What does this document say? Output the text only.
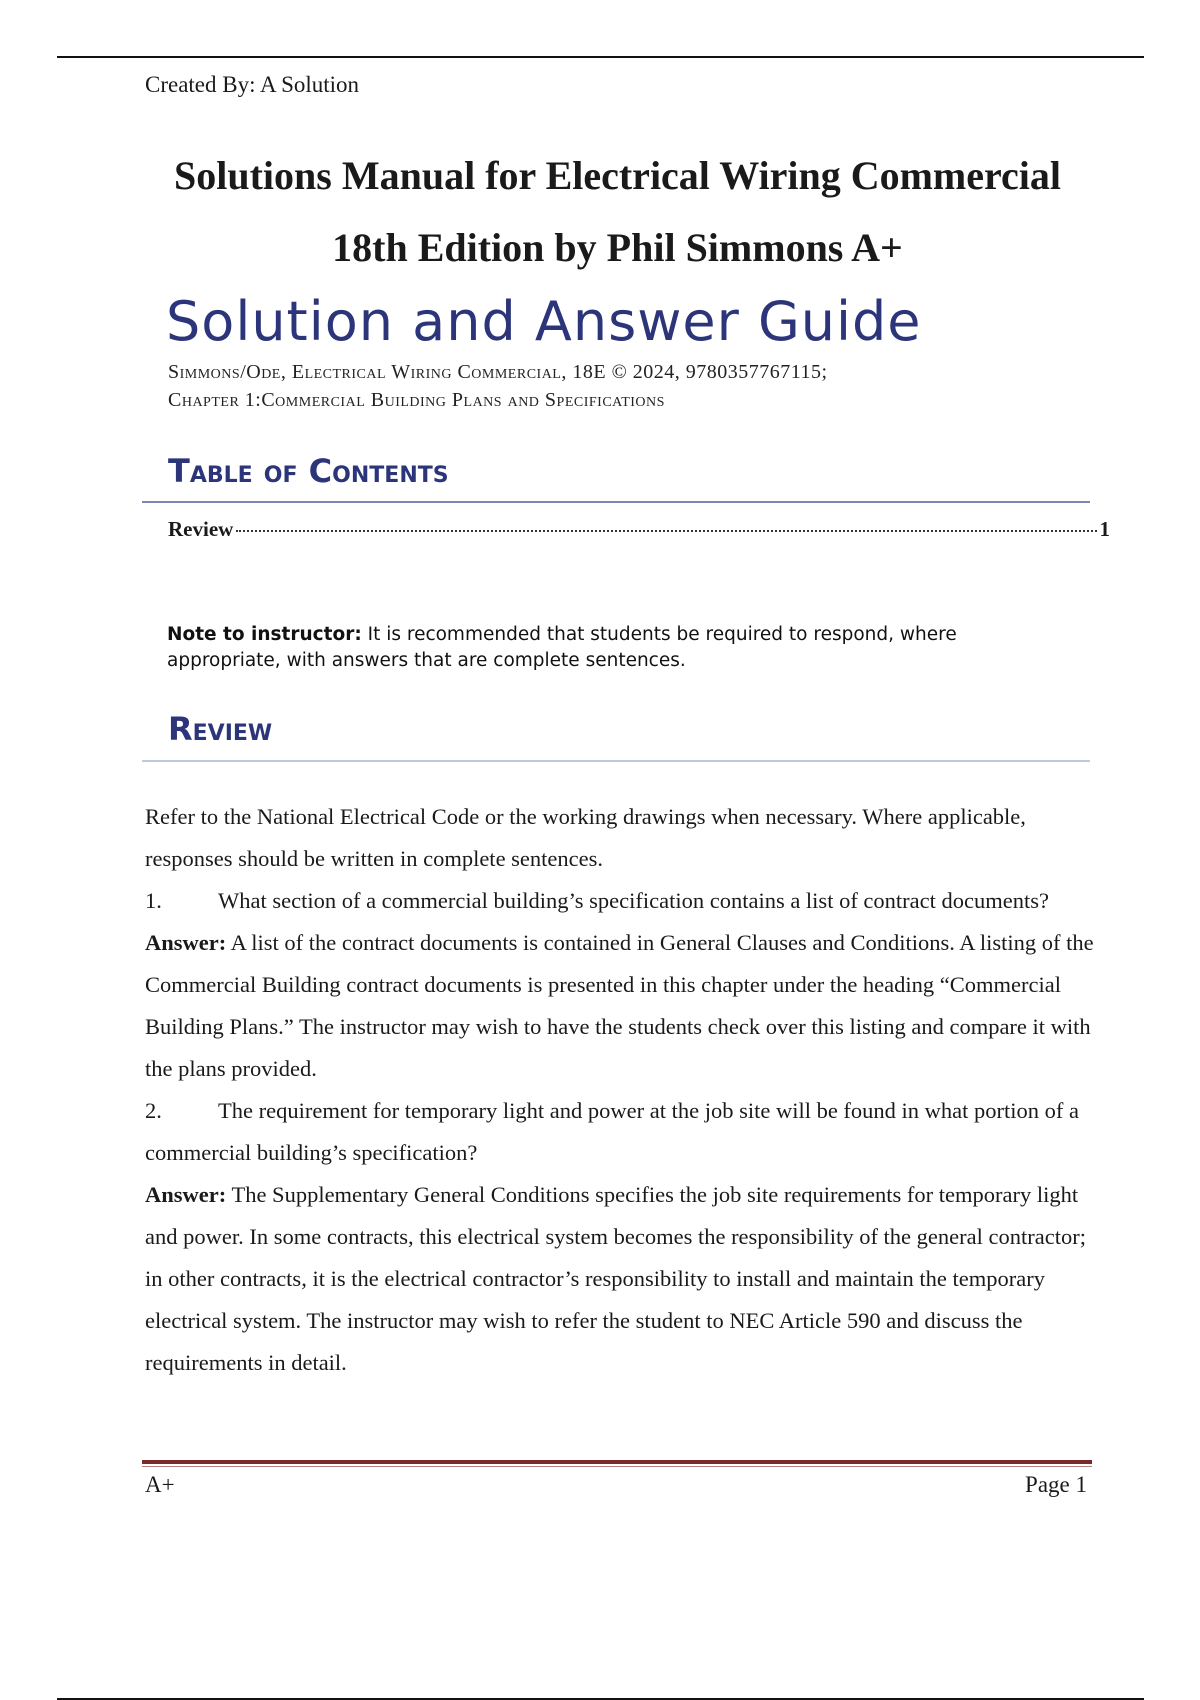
Created By: A Solution
Solutions Manual for Electrical Wiring Commercial
18th Edition by Phil Simmons A+
Solution and Answer Guide
Simmons/Ode, Electrical Wiring Commercial, 18E © 2024, 9780357767115;
Chapter 1:Commercial Building Plans and Specifications
Table of Contents
Review	1
Note to instructor: It is recommended that students be required to respond, where appropriate, with answers that are complete sentences.
Review

Refer to the National Electrical Code or the working drawings when necessary. Where applicable, responses should be written in complete sentences.

1. What section of a commercial building’s specification contains a list of contract documents?

Answer: A list of the contract documents is contained in General Clauses and Conditions. A listing of the Commercial Building contract documents is presented in this chapter under the heading “Commercial Building Plans.” The instructor may wish to have the students check over this listing and compare it with the plans provided.

2. The requirement for temporary light and power at the job site will be found in what portion of a commercial building’s specification?

Answer: The Supplementary General Conditions specifies the job site requirements for temporary light and power. In some contracts, this electrical system becomes the responsibility of the general contractor; in other contracts, it is the electrical contractor’s responsibility to install and maintain the temporary electrical system. The instructor may wish to refer the student to NEC Article 590 and discuss the requirements in detail.

A+	Page 1
